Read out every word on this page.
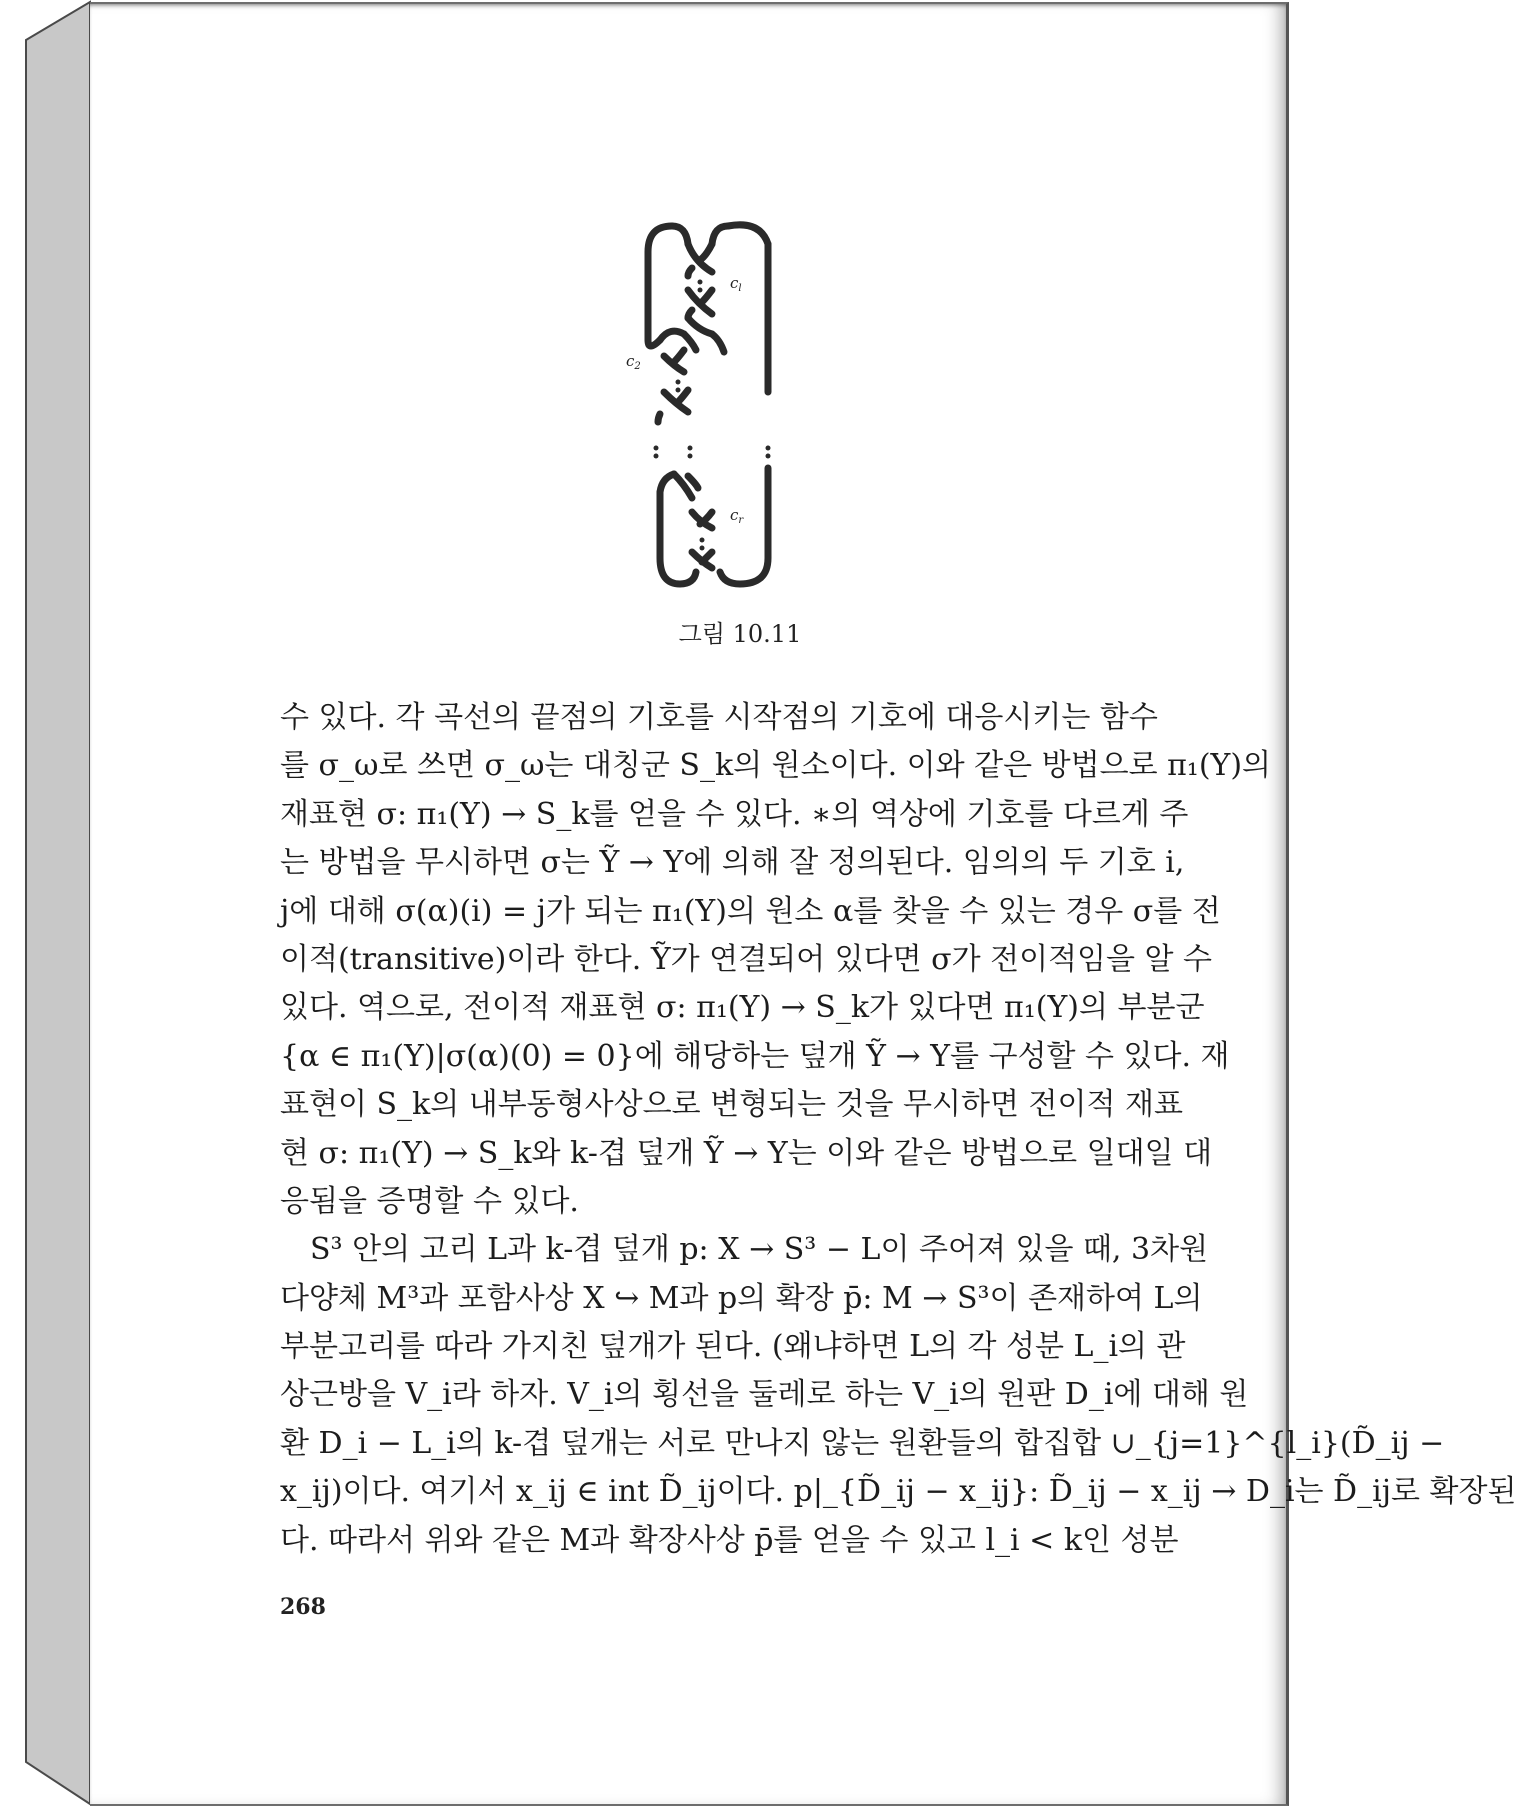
$c_l$
$c_2$
$c_r$
그림 10.11
수 있다. 각 곡선의 끝점의 기호를 시작점의 기호에 대응시키는 함수
를 σ_ω로 쓰면 σ_ω는 대칭군 S_k의 원소이다. 이와 같은 방법으로 π₁(Y)의
재표현 σ: π₁(Y) → S_k를 얻을 수 있다. ∗의 역상에 기호를 다르게 주
는 방법을 무시하면 σ는 Ỹ → Y에 의해 잘 정의된다. 임의의 두 기호 i,
j에 대해 σ(α)(i) = j가 되는 π₁(Y)의 원소 α를 찾을 수 있는 경우 σ를 전
이적(transitive)이라 한다. Ỹ가 연결되어 있다면 σ가 전이적임을 알 수
있다. 역으로, 전이적 재표현 σ: π₁(Y) → S_k가 있다면 π₁(Y)의 부분군
{α ∈ π₁(Y)|σ(α)(0) = 0}에 해당하는 덮개 Ỹ → Y를 구성할 수 있다. 재
표현이 S_k의 내부동형사상으로 변형되는 것을 무시하면 전이적 재표
현 σ: π₁(Y) → S_k와 k-겹 덮개 Ỹ → Y는 이와 같은 방법으로 일대일 대
응됨을 증명할 수 있다.
S³ 안의 고리 L과 k-겹 덮개 p: X → S³ − L이 주어져 있을 때, 3차원
다양체 M³과 포함사상 X ↪ M과 p의 확장 p̄: M → S³이 존재하여 L의
부분고리를 따라 가지친 덮개가 된다. (왜냐하면 L의 각 성분 L_i의 관
상근방을 V_i라 하자. V_i의 횡선을 둘레로 하는 V_i의 원판 D_i에 대해 원
환 D_i − L_i의 k-겹 덮개는 서로 만나지 않는 원환들의 합집합 ∪_{j=1}^{l_i}(D̃_ij −
x_ij)이다. 여기서 x_ij ∈ int D̃_ij이다. p|_{D̃_ij − x_ij}: D̃_ij − x_ij → D_i는 D̃_ij로 확장된
다. 따라서 위와 같은 M과 확장사상 p̄를 얻을 수 있고 l_i < k인 성분
268
